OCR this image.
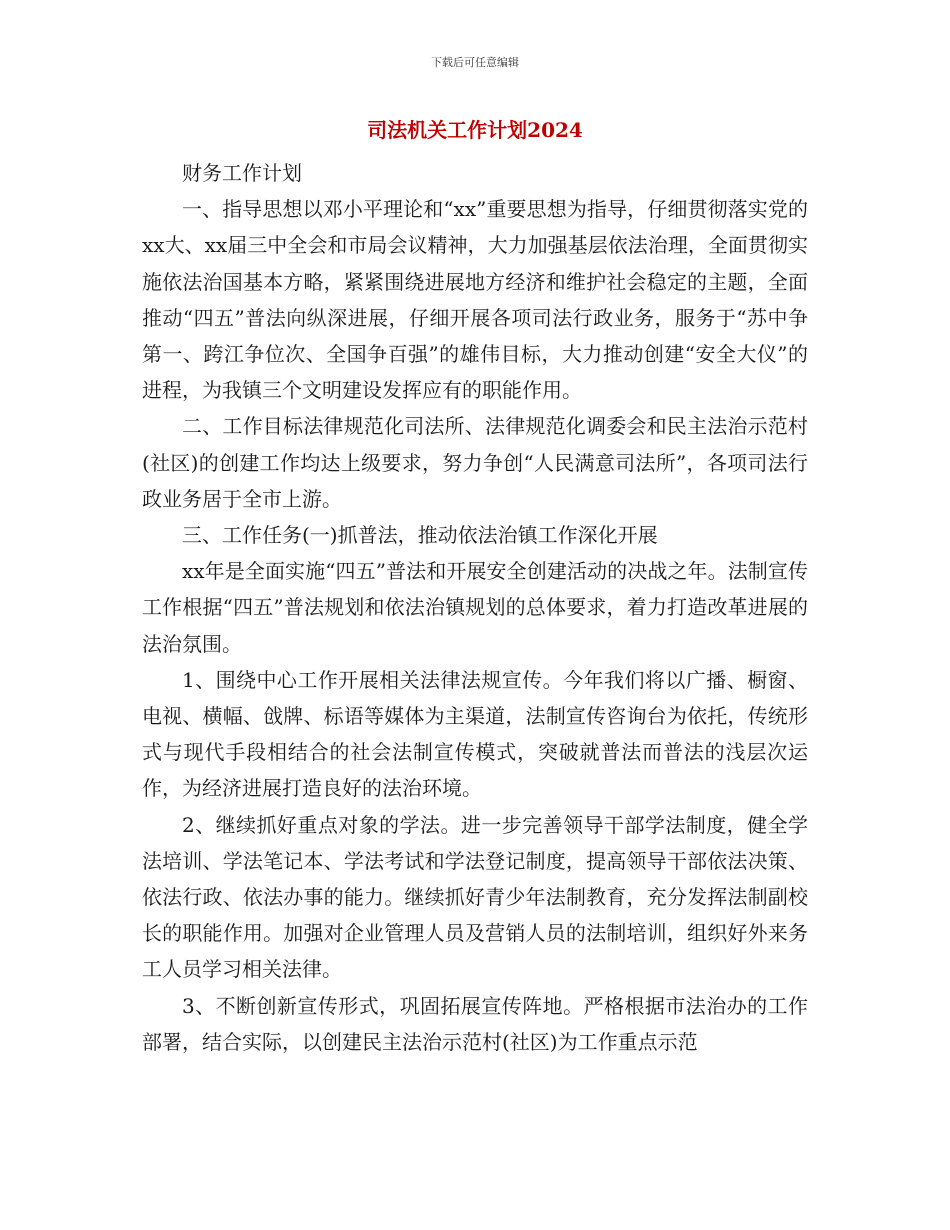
下载后可任意编辑
司法机关工作计划2024

财务工作计划

一、指导思想以邓小平理论和“xx”重要思想为指导，仔细贯彻落实党的xx大、xx届三中全会和市局会议精神，大力加强基层依法治理，全面贯彻实施依法治国基本方略，紧紧围绕进展地方经济和维护社会稳定的主题，全面推动“四五”普法向纵深进展，仔细开展各项司法行政业务，服务于“苏中争第一、跨江争位次、全国争百强”的雄伟目标，大力推动创建“安全大仪”的进程，为我镇三个文明建设发挥应有的职能作用。

二、工作目标法律规范化司法所、法律规范化调委会和民主法治示范村(社区)的创建工作均达上级要求，努力争创“人民满意司法所”，各项司法行政业务居于全市上游。

三、工作任务(一)抓普法，推动依法治镇工作深化开展

xx年是全面实施“四五”普法和开展安全创建活动的决战之年。法制宣传工作根据“四五”普法规划和依法治镇规划的总体要求，着力打造改革进展的法治氛围。

1、围绕中心工作开展相关法律法规宣传。今年我们将以广播、橱窗、电视、横幅、戗牌、标语等媒体为主渠道，法制宣传咨询台为依托，传统形式与现代手段相结合的社会法制宣传模式，突破就普法而普法的浅层次运作，为经济进展打造良好的法治环境。

2、继续抓好重点对象的学法。进一步完善领导干部学法制度，健全学法培训、学法笔记本、学法考试和学法登记制度，提高领导干部依法决策、依法行政、依法办事的能力。继续抓好青少年法制教育，充分发挥法制副校长的职能作用。加强对企业管理人员及营销人员的法制培训，组织好外来务工人员学习相关法律。

3、不断创新宣传形式，巩固拓展宣传阵地。严格根据市法治办的工作部署，结合实际，以创建民主法治示范村(社区)为工作重点示范
